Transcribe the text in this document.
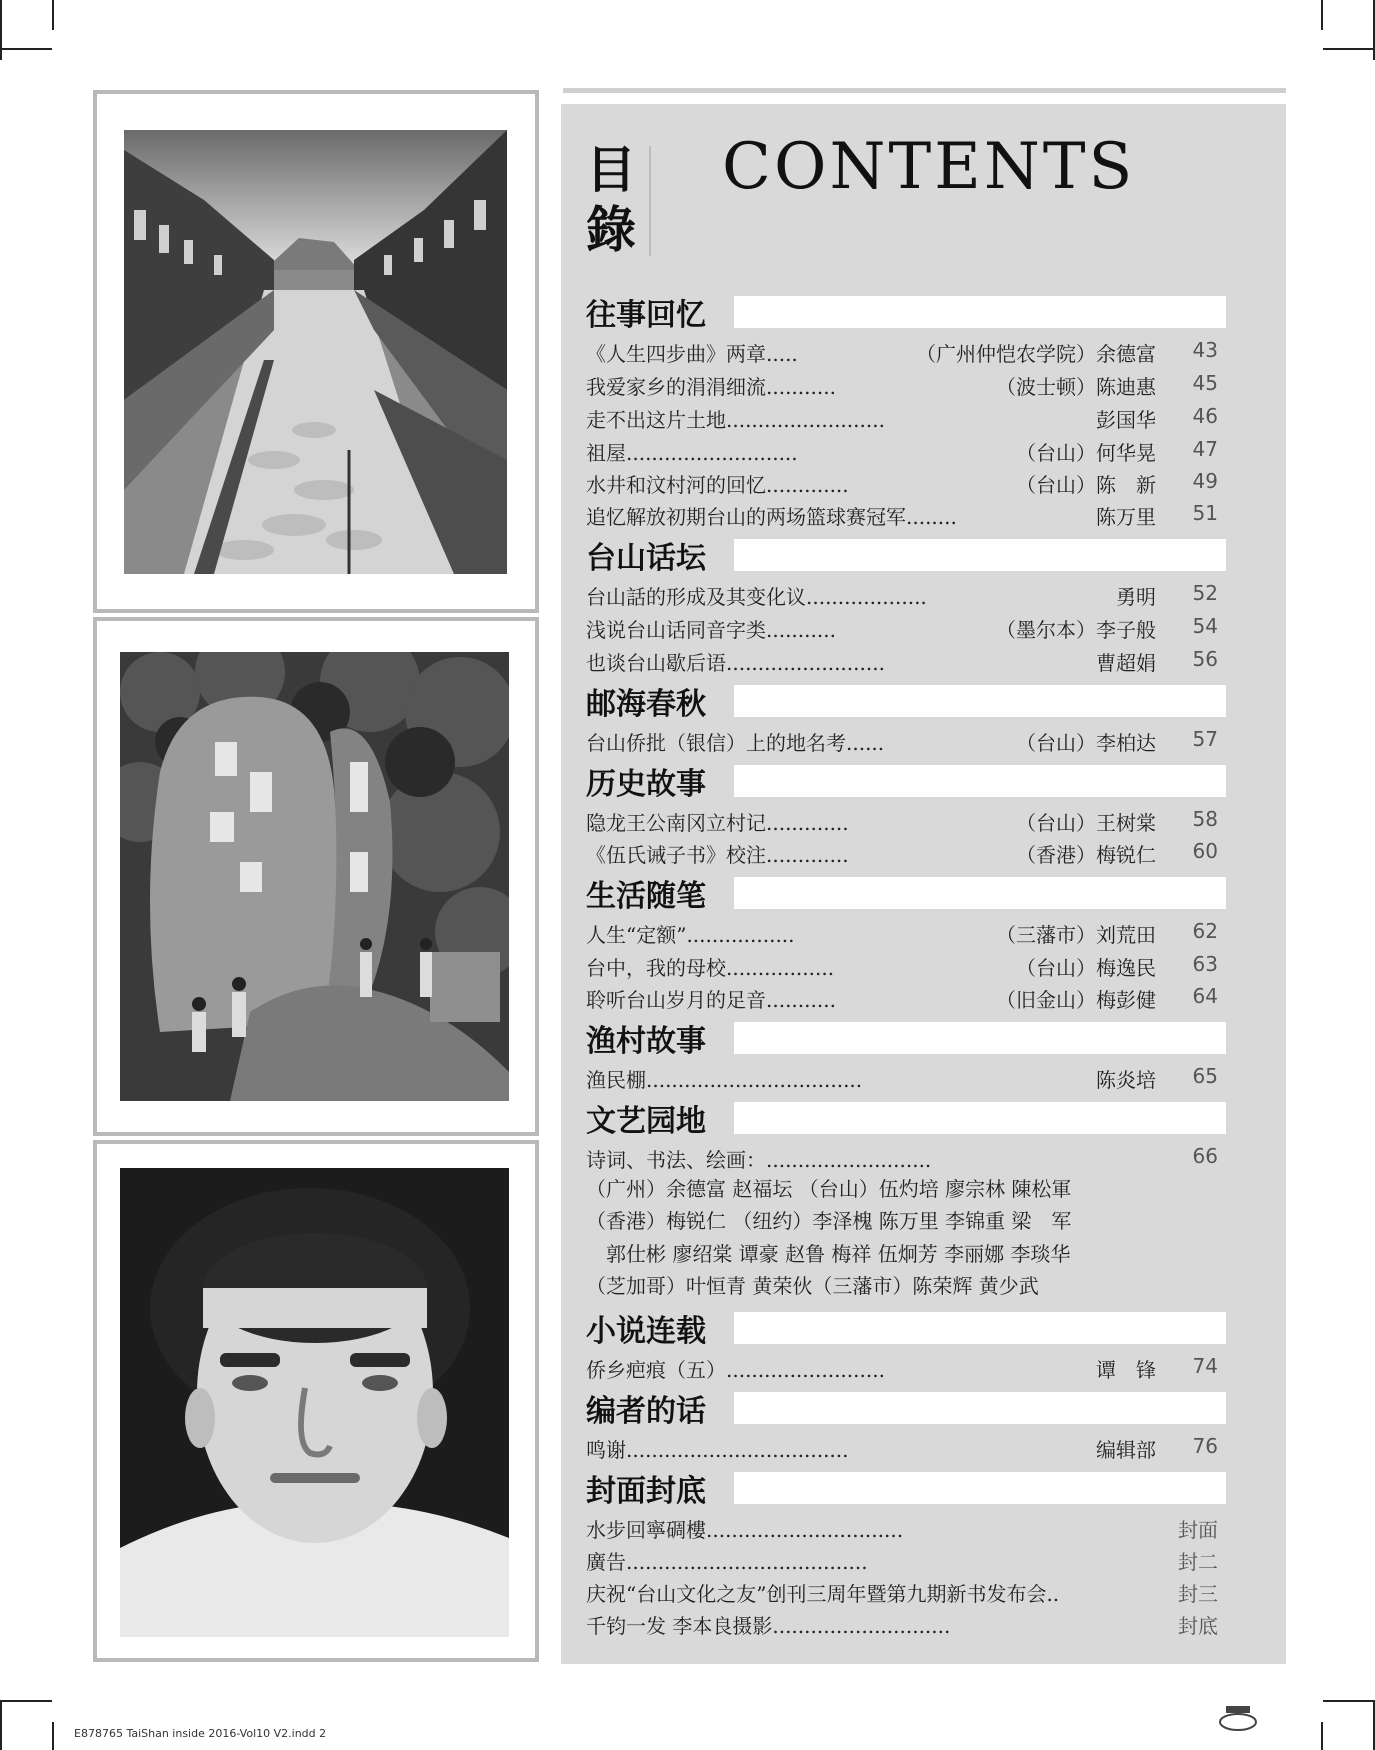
目錄
CONTENTS
往事回忆
《人生四步曲》两章.....	（广州仲恺农学院）余德富 43
我爱家乡的涓涓细流...........	（波士顿）陈迪惠 45
走不出这片土地.........................	彭国华 46
祖屋...........................	（台山）何华晃 47
水井和汶村河的回忆.............	（台山）陈　新 49
追忆解放初期台山的两场篮球赛冠军........	陈万里 51
台山话坛
台山話的形成及其变化议...................	勇明 52
浅说台山话同音字类...........	（墨尔本）李子般 54
也谈台山歇后语.........................	曹超娟 56
邮海春秋
台山侨批（银信）上的地名考......	（台山）李柏达 57
历史故事
隐龙王公南冈立村记.............	（台山）王树棠 58
《伍氏诫子书》校注.............	（香港）梅锐仁 60
生活随笔
人生“定额”.................	（三藩市）刘荒田 62
台中，我的母校.................	（台山）梅逸民 63
聆听台山岁月的足音...........	（旧金山）梅彭健 64
渔村故事
渔民棚..................................	陈炎培 65
文艺园地
诗词、书法、绘画：..........................	66
（广州）余德富 赵福坛 （台山）伍灼培 廖宗林 陳松軍
（香港）梅锐仁 （纽约）李泽槐 陈万里 李锦重 梁　军
　郭仕彬 廖绍棠 谭豪 赵鲁 梅祥 伍炯芳 李丽娜 李琰华
（芝加哥）叶恒青 黄荣伙（三藩市）陈荣辉 黄少武
小说连载
侨乡疤痕（五）.........................	谭　锋 74
编者的话
鸣谢...................................	编辑部 76
封面封底
水步回寧碉樓...............................	封面
廣告......................................	封二
庆祝“台山文化之友”创刊三周年暨第九期新书发布会..	封三
千钧一发 李本良摄影............................	封底
E878765 TaiShan inside 2016-Vol10 V2.indd 2
